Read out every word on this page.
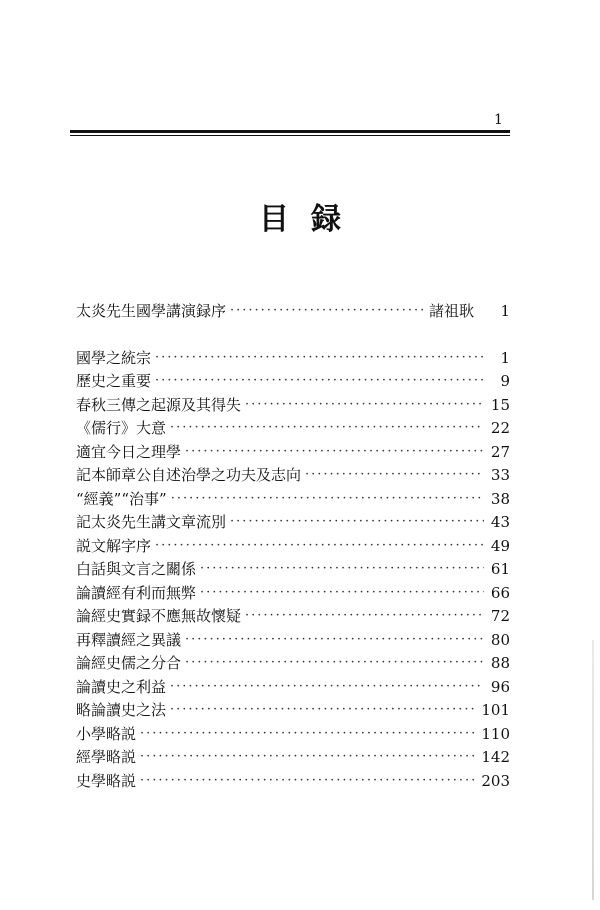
1
目録
太炎先生國學講演録序 ·····	諸祖耿	1
國學之統宗 ·····	1
歷史之重要 ·····	9
春秋三傳之起源及其得失 ·····	15
《儒行》大意 ·····	22
適宜今日之理學 ·····	27
記本師章公自述治學之功夫及志向 ·····	33
“經義”“治事” ·····	38
記太炎先生講文章流別 ·····	43
説文解字序 ·····	49
白話與文言之關係 ·····	61
論讀經有利而無弊 ·····	66
論經史實録不應無故懷疑 ·····	72
再釋讀經之異議 ·····	80
論經史儒之分合 ·····	88
論讀史之利益 ·····	96
略論讀史之法 ·····	101
小學略説 ·····	110
經學略説 ·····	142
史學略説 ·····	203
